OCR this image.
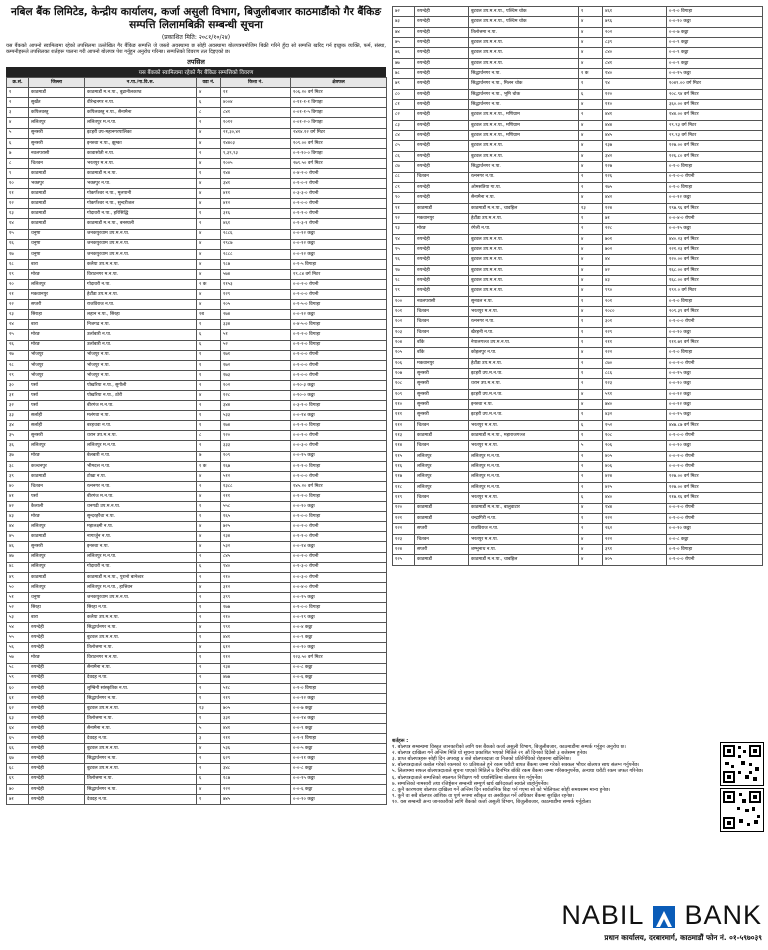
नबिल बैंक लिमिटेड, केन्द्रीय कार्यालय, कर्जा असुली विभाग, बिजुलीबजार काठमाडौंको गैर बैंकिङ
सम्पत्ति लिलामबिक्री सम्बन्धी सूचना
(प्रकाशित मिति: २०८१/१०/२४)
यस बैंकको आफ्नो स्वामित्वमा रहेको तपसिलमा उल्लेखित गैर बैंकिङ सम्पत्ति जे जस्तो अवस्थामा छ सोही अवस्थामा बोलपत्रबमोजिम बिक्री गरिने हुँदा सो सम्पत्ति खरिद गर्न इच्छुक व्यक्ति, फर्म, संस्था, कम्पनीहरूले तपसिलका शर्तहरू पालना गरी आफ्नो बोलपत्र पेश गर्नुहुन अनुरोध गरिन्छ। सम्पत्तिको विवरण तल दिइएको छ।
तपसिल
यस बैंकको स्वामित्वमा रहेको गैर बैंकिङ सम्पत्तिको विवरण
क्र.सं.	जिल्ला	न.पा./गा.वि.स.	वडा नं.	कित्ता नं.	क्षेत्रफल
१	काठमाडौं	काठमाडौं म.न.पा., बुढानीलकण्ठ	४	११	१०६.२० वर्ग मिटर
२	सुर्खेत	वीरेन्द्रनगर न.पा.	६	४००४	०-११-१-१ विगाहा
३	कपिलवस्तु	कपिलवस्तु न.पा., सैनामैना	८	८४१	०-०१-१-५ विगाहा
४	ललितपुर	ललितपुर म.न.पा.	२	१०१२	०-०१-२-० विगाहा
५	सुनसरी	इटहरी उप-महानगरपालिका	४	२१,३०,४२	२४१४.१२ वर्ग मिटर
६	सुनसरी	इनरुवा न.पा., झुम्का	४	१४४०३	१०९.०० वर्ग मिटर
७	नवलपरासी	कावासोती न.पा.	२	९,३९,९३	०-२-१०-० विगाहा
८	चितवन	भरतपुर म.न.पा.	४	१००५	२७९.५० वर्ग मिटर
९	काठमाडौं	काठमाडौं म.न.पा.	१	१४४	०-४-२-० रोपनी
१०	भक्तपुर	भक्तपुर न.पा.	४	३४१	०-१-०-२ रोपनी
११	काठमाडौं	गोकर्णेश्वर न.पा., मूलपानी	४	४११	०-३-३-० रोपनी
१२	काठमाडौं	गोकर्णेश्वर न.पा., सुन्दरीजल	४	४१२	०-२-०-० रोपनी
१३	काठमाडौं	गोदावरी न.पा., हरिसिद्धि	१	३१६	०-१-१-० रोपनी
१४	काठमाडौं	काठमाडौं म.न.पा., बनस्थली	२	४६१	०-१-३-१ रोपनी
१५	धनुषा	जनकपुरधाम उप.म.न.पा.	४	२८८६	०-०-१२ कठ्ठा
१६	धनुषा	जनकपुरधाम उप.म.न.पा.	४	२९८७	०-०-१२ कठ्ठा
१७	धनुषा	जनकपुरधाम उप.म.न.पा.	४	२८८८	०-०-१२ कठ्ठा
१८	बारा	कलैया उप.म.न.पा.	४	९८७	०-१-५ विगाहा
१९	मोरङ	विराटनगर म.न.पा.	४	५७४	१९.८४ वर्ग मिटर
२०	ललितपुर	गोदावरी न.पा.	२ क	११५३	०-०-२-० रोपनी
२१	मकवानपुर	हेटौंडा उप.म.न.पा.	४	१२९	०-२-०-० रोपनी
२२	सप्तरी	राजविराज न.पा.	४	२०५	०-१-५-० विगाहा
२३	सिराहा	लहान न.पा., सिरहा	१ब	२७४	०-०-१२ कठ्ठा
२४	बारा	निजगढ न.पा.	१	३३४	०-४-५-० विगाहा
२५	मोरङ	उर्लाबारी न.पा.	६	५१	०-१-२-० विगाहा
२६	मोरङ	उर्लाबारी न.पा.	६	५२	०-१-२-० विगाहा
२७	भोजपुर	भोजपुर न.पा.	१	१७१	०-१-०-० रोपनी
२८	भोजपुर	भोजपुर न.पा.	१	१७२	०-१-०-० रोपनी
२९	भोजपुर	भोजपुर न.पा.	१	१७३	०-१-०-० रोपनी
३०	पर्सा	पोखरिया न.पा., सुगौली	२	१०२	०-१०-३ कठ्ठा
३१	पर्सा	पोखरिया न.पा., ठोरी	४	१२८	०-१०-० कठ्ठा
३२	पर्सा	बीरगंज म.न.पा.	२	३४४	०-३-१-० विगाहा
३३	सर्लाही	मलंगवा न.पा.	१	५३३	०-०-१४ कठ्ठा
३४	सर्लाही	बरहथवा न.पा.	१	१७४	०-१-१-० विगाहा
३५	सुनसरी	धरान उप.म.न.पा.	८	९२०	०-०-१-० रोपनी
३६	ललितपुर	ललितपुर म.न.पा.	२	३३३	०-०-३-० रोपनी
३७	मोरङ	बेलबारी न.पा.	७	१०९	०-०-१५ कठ्ठा
३८	कञ्चनपुर	भीमदत्त न.पा.	१ क	१६७	०-१-१-० विगाहा
३९	काठमाडौं	टोखा न.पा.	४	५१२	०-१-०-० रोपनी
४०	चितवन	रत्ननगर न.पा.	२	१३८८	१४५.२० वर्ग मिटर
४१	पर्सा	बीरगंज म.न.पा.	४	२११	०-१-२-० विगाहा
४२	कैलाली	धनगढी उप.म.न.पा.	१	५५८	०-०-१० कठ्ठा
४३	मोरङ	सुन्दरहरैंचा न.पा.	१	१६५	०-१-०-० विगाहा
४४	ललितपुर	महालक्ष्मी न.पा.	४	७२५	०-०-२-० रोपनी
४५	काठमाडौं	नागार्जुन न.पा.	४	२३४	०-१-१-० रोपनी
४६	सुनसरी	इनरुवा न.पा.	४	५३२	०-०-१४ कठ्ठा
४७	ललितपुर	ललितपुर म.न.पा.	२	८४५	०-०-२-० रोपनी
४८	ललितपुर	गोदावरी न.पा.	६	९४०	०-१-३-० रोपनी
४९	काठमाडौं	काठमाडौं म.न.पा., पुरानो बानेश्वर	२	२१०	०-०-३-० रोपनी
५०	ललितपुर	ललितपुर म.न.पा., हात्तिवन	४	३१२	०-०-४-० रोपनी
५१	धनुषा	जनकपुरधाम उप.म.न.पा.	२	३९९	०-०-१५ कठ्ठा
५२	सिरहा	सिरहा न.पा.	१	१७७	०-१-०-० विगाहा
५३	बारा	कलैया उप.म.न.पा.	२	२१०	०-०-१९ कठ्ठा
५४	रुपन्देही	सिद्धार्थनगर न.पा.	४	९९१	०-०-४ कठ्ठा
५५	रुपन्देही	बुटवल उप.म.न.पा.	१	४४१	०-०-९ कठ्ठा
५६	रुपन्देही	तिलोत्तमा न.पा.	४	६१२	०-०-१० कठ्ठा
५७	मोरङ	विराटनगर म.न.पा.	१	११२	१२३.५० वर्ग मिटर
५८	रुपन्देही	सैनामैना न.पा.	२	२३४	०-०-८ कठ्ठा
५९	रुपन्देही	देवदह न.पा.	२	४७७	०-०-६ कठ्ठा
६०	रुपन्देही	लुम्बिनी सांस्कृतिक न.पा.	२	५१८	०-१-० विगाहा
६१	रुपन्देही	सिद्धार्थनगर न.पा.	१	२१९	०-०-१२ कठ्ठा
६२	रुपन्देही	बुटवल उप.म.न.पा.	१३	७०५	०-०-७ कठ्ठा
६३	रुपन्देही	तिलोत्तमा न.पा.	१	३३१	०-०-१४ कठ्ठा
६४	रुपन्देही	सैनामैना न.पा.	५	४४१	०-०-९ कठ्ठा
६५	रुपन्देही	देवदह न.पा.	३	२११	०-१-१ विगाहा
६६	रुपन्देही	बुटवल उप.म.न.पा.	४	५३६	०-०-५ कठ्ठा
६७	रुपन्देही	सिद्धार्थनगर न.पा.	२	६२९	०-०-११ कठ्ठा
६८	रुपन्देही	बुटवल उप.म.न.पा.	२	३४८	०-०-८ कठ्ठा
६९	रुपन्देही	तिलोत्तमा न.पा.	६	१८७	०-०-१५ कठ्ठा
७०	रुपन्देही	सिद्धार्थनगर न.पा.	४	२२२	०-०-६ कठ्ठा
७१	रुपन्देही	देवदह न.पा.	१	७४५	०-०-१० कठ्ठा
७२	रुपन्देही	बुटवल उप.म.न.पा., पश्चिम चोक	१	४६१	०-१-० विगाहा
७३	रुपन्देही	बुटवल उप.म.न.पा., पश्चिम चोक	४	७९६	०-०-१० कठ्ठा
७४	रुपन्देही	तिलोत्तमा न.पा.	४	२०२	०-०-७ कठ्ठा
७५	रुपन्देही	बुटवल उप.म.न.पा.	४	८३९	०-०-९ कठ्ठा
७६	रुपन्देही	बुटवल उप.म.न.पा.	४	८४०	०-०-९ कठ्ठा
७७	रुपन्देही	बुटवल उप.म.न.पा.	४	८४१	०-०-९ कठ्ठा
७८	रुपन्देही	सिद्धार्थनगर न.पा.	१ क	१४०	०-०-१५ कठ्ठा
७९	रुपन्देही	सिद्धार्थनगर न.पा., मिलन चोक	१	९४	१०४९.०० वर्ग मिटर
८०	रुपन्देही	सिद्धार्थनगर न.पा., भूमि चोक	६	१२०	२०८.९४ वर्ग मिटर
८१	रुपन्देही	सिद्धार्थनगर न.पा.	४	११०	३६०.०० वर्ग मिटर
८२	रुपन्देही	बुटवल उप.म.न.पा., मणिग्राम	२	४४१	१४४.०० वर्ग मिटर
८३	रुपन्देही	बुटवल उप.म.न.पा., मणिग्राम	४	४४४	२९.९३ वर्ग मिटर
८४	रुपन्देही	बुटवल उप.म.न.पा., मणिग्राम	४	४४५	२९.९३ वर्ग मिटर
८५	रुपन्देही	बुटवल उप.म.न.पा.	४	२३७	१२७.०० वर्ग मिटर
८६	रुपन्देही	बुटवल उप.म.न.पा.	४	३४२	१२६.८० वर्ग मिटर
८७	रुपन्देही	सिद्धार्थनगर न.पा.	४	१२७	०-१-० विगाहा
८८	चितवन	रत्ननगर न.पा.	२	१२६	०-१-०-० रोपनी
८९	रुपन्देही	ओमसतिया गा.पा.	२	२७५	०-१-० विगाहा
९०	रुपन्देही	सैनामैना न.पा.	४	४४२	०-०-१२ कठ्ठा
९१	काठमाडौं	काठमाडौं म.न.पा., चावहिल	१३	१२४	१९७.९६ वर्ग मिटर
९२	मकवानपुर	हेटौंडा उप.म.न.पा.	१	७१	०-०-४-० रोपनी
९३	मोरङ	रंगेली न.पा.	२	२२८	०-०-१५ कठ्ठा
९४	रुपन्देही	बुटवल उप.म.न.पा.	४	७०१	४४०.२३ वर्ग मिटर
९५	रुपन्देही	बुटवल उप.म.न.पा.	४	७०२	२२१.२३ वर्ग मिटर
९६	रुपन्देही	बुटवल उप.म.न.पा.	४	४४	१२०.०० वर्ग मिटर
९७	रुपन्देही	बुटवल उप.म.न.पा.	४	४२	१६८.०० वर्ग मिटर
९८	रुपन्देही	बुटवल उप.म.न.पा.	४	४३	१६८.०० वर्ग मिटर
९९	रुपन्देही	बुटवल उप.म.न.पा.	४	९९०	१९२.० वर्ग मिटर
१००	नवलपरासी	सुनवल न.पा.	१	२०१	०-१-० विगाहा
१०१	चितवन	भरतपुर म.न.पा.	४	२०८०	२०९.३९ वर्ग मिटर
१०२	चितवन	रत्ननगर न.पा.	१	३०१	०-१-०-० रोपनी
१०३	चितवन	खैरहनी न.पा.	१	२२९	०-०-१० कठ्ठा
१०४	बाँके	नेपालगञ्ज उप.म.न.पा.	१	२११	१११.७१ वर्ग मिटर
१०५	बाँके	कोहलपुर न.पा.	४	२२२	०-१-० विगाहा
१०६	मकवानपुर	हेटौंडा उप.म.न.पा.	२	८७०	०-०-२-० रोपनी
१०७	सुनसरी	इटहरी उप.म.न.पा.	१	८८६	०-०-१५ कठ्ठा
१०८	सुनसरी	धरान उप.म.न.पा.	२	१२३	०-०-१० कठ्ठा
१०९	सुनसरी	इटहरी उप.म.न.पा.	४	५९१	०-०-१२ कठ्ठा
११०	सुनसरी	इनरुवा न.पा.	४	७४०	०-०-१२ कठ्ठा
१११	सुनसरी	इटहरी उप.म.न.पा.	१	४३२	०-०-१५ कठ्ठा
११२	चितवन	भरतपुर म.न.पा.	६	१५२	४४७.८७ वर्ग मिटर
११३	काठमाडौं	काठमाडौं म.न.पा., महाराजगञ्ज	१	१०८	०-१-०-० रोपनी
११४	चितवन	भरतपुर म.न.पा.	५	२०६	०-०-१० कठ्ठा
११५	ललितपुर	ललितपुर म.न.पा.	२	४०५	०-०-२-० रोपनी
११६	ललितपुर	ललितपुर म.न.पा.	२	४०६	०-०-२-० रोपनी
११७	ललितपुर	ललितपुर म.न.पा.	२	४२४	१२७.०० वर्ग मिटर
११८	ललितपुर	ललितपुर म.न.पा.	२	४२५	१२७.०० वर्ग मिटर
११९	चितवन	भरतपुर म.न.पा.	६	४४०	११७.१६ वर्ग मिटर
१२०	काठमाडौं	काठमाडौं म.न.पा., बालुवाटार	४	१४४	०-०-२-० रोपनी
१२१	काठमाडौं	चन्द्रागिरी न.पा.	१	२२२	०-१-०-० रोपनी
१२२	सप्तरी	राजविराज न.पा.	२	२६२	०-०-१० कठ्ठा
१२३	चितवन	भरतपुर म.न.पा.	४	२२२	०-०-८ कठ्ठा
१२४	सप्तरी	शम्भुनाथ न.पा.	४	३९१	०-१-० विगाहा
१२५	काठमाडौं	काठमाडौं म.न.पा., चाबहिल	४	४०५	०-१-०-० रोपनी
शर्तहरू :
१. बोलपत्र सम्बन्धमा विस्तृत जानकारीको लागि यस बैंकको कर्जा असुली विभाग, बिजुलीबजार, काठमाडौंमा सम्पर्क गर्नुहुन अनुरोध छ।
२. बोलपत्र दाखिला गर्ने अन्तिम मिति यो सूचना प्रकाशित भएको मितिले २१ औं दिनको दिउँसो ३ बजेसम्म हुनेछ।
३. प्राप्त बोलपत्रहरू सोही दिन अपराह्न ४ बजे बोलपत्रदाता वा निजको प्रतिनिधिको रोहबरमा खोलिनेछ।
४. बोलपत्रदाताले कबोल गरेको रकमको १० प्रतिशतले हुने रकम धरौटी बापत बैंकमा जम्मा गरेको सक्कल भौचर बोलपत्र साथ संलग्न गर्नुपर्नेछ।
५. लिलाममा सफल बोलपत्रदाताले सूचना पाएको मितिले ७ दिनभित्र बाँकी रकम बैंकमा जम्मा गरिसक्नुपर्नेछ, अन्यथा धरौटी रकम जफत गरिनेछ।
६. बोलपत्रदाताले सम्पत्तिको स्थलगत निरीक्षण गरी यथास्थितिमा बोलपत्र पेश गर्नुपर्नेछ।
७. सम्पत्तिको नामसारी तथा रजिष्ट्रेसन सम्बन्धी सम्पूर्ण खर्च खरिदकर्ता स्वयंले व्यहोर्नुपर्नेछ।
८. कुनै कारणवश बोलपत्र दाखिला गर्ने अन्तिम दिन सार्वजनिक बिदा पर्न गएमा सो को भोलिपल्ट सोही समयसम्म मान्य हुनेछ।
९. कुनै वा सबै बोलपत्र आंशिक वा पूर्ण रूपमा स्वीकृत वा अस्वीकृत गर्ने अधिकार बैंकमा सुरक्षित रहनेछ।
१०. यस सम्बन्धी अन्य जानकारीको लागि बैंकको कर्जा असुली विभाग, बिजुलीबजार, काठमाडौंमा सम्पर्क गर्नुहोला।
NABIL BANK
प्रधान कार्यालय, दरबारमार्ग, काठमाडौं फोन नं. ०१-५९७०३९
